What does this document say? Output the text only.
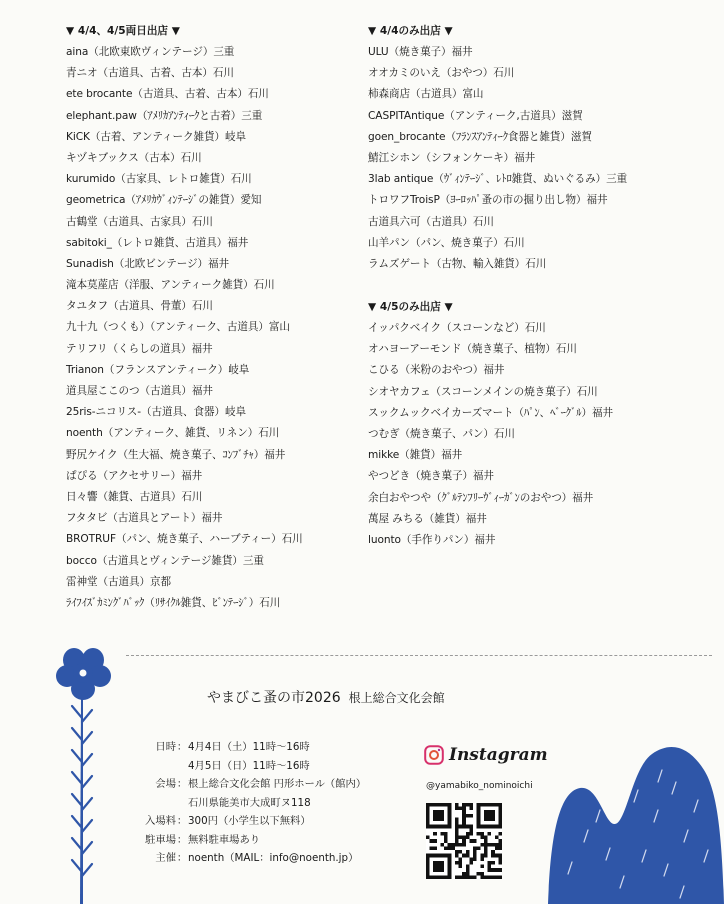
▼ 4/4、4/5両日出店 ▼
aina（北欧東欧ヴィンテージ）三重
青ニオ（古道具、古着、古本）石川
ete brocante（古道具、古着、古本）石川
elephant.paw（ｱﾒﾘｶｱﾝﾃｨｰｸと古着）三重
KiCK（古着、アンティーク雑貨）岐阜
キヅキブックス（古本）石川
kurumido（古家具、レトロ雑貨）石川
geometrica（ｱﾒﾘｶｳﾞｨﾝﾃｰｼﾞの雑貨）愛知
古鶴堂（古道具、古家具）石川
sabitoki_（レトロ雑貨、古道具）福井
Sunadish（北欧ビンテージ）福井
滝本莫蓙店（洋服、アンティーク雑貨）石川
タユタフ（古道具、骨董）石川
九十九（つくも）（アンティーク、古道具）富山
テリフリ（くらしの道具）福井
Trianon（フランスアンティーク）岐阜
道具屋ここのつ（古道具）福井
25ris-ニコリス-（古道具、食器）岐阜
noenth（アンティーク、雑貨、リネン）石川
野尻ケイク（生大福、焼き菓子、ｺﾝﾌﾞﾁｬ）福井
ぱぴる（アクセサリー）福井
日々響（雑貨、古道具）石川
フタタビ（古道具とアート）福井
BROTRUF（パン、焼き菓子、ハーブティー）石川
bocco（古道具とヴィンテージ雑貨）三重
雷神堂（古道具）京都
ﾗｲﾌｲｽﾞｶﾐﾝｸﾞﾊﾞｯｸ（ﾘｻｲｸﾙ雑貨、ﾋﾞﾝﾃｰｼﾞ）石川
▼ 4/4のみ出店 ▼
ULU（焼き菓子）福井
オオカミのいえ（おやつ）石川
柿森商店（古道具）富山
CASPITAntique（アンティーク,古道具）滋賀
goen_brocante（ﾌﾗﾝｽｱﾝﾃｨｰｸ食器と雑貨）滋賀
鯖江シホン（シフォンケーキ）福井
3lab antique（ｳﾞｨﾝﾃｰｼﾞ、ﾚﾄﾛ雑貨、ぬいぐるみ）三重
トロワフTroisP（ﾖｰﾛｯﾊﾟ蚤の市の掘り出し物）福井
古道具六可（古道具）石川
山羊パン（パン、焼き菓子）石川
ラムズゲート（古物、輸入雑貨）石川
▼ 4/5のみ出店 ▼
イッパクベイク（スコーンなど）石川
オハヨーアーモンド（焼き菓子、植物）石川
こひる（米粉のおやつ）福井
シオヤカフェ（スコーンメインの焼き菓子）石川
スックムックベイカーズマート（ﾊﾟﾝ、ﾍﾞｰｸﾞﾙ）福井
つむぎ（焼き菓子、パン）石川
mikke（雑貨）福井
やつどき（焼き菓子）福井
余白おやつや（ｸﾞﾙﾃﾝﾌﾘｰｳﾞｨｰｶﾞﾝのおやつ）福井
萬屋 みちる（雑貨）福井
luonto（手作りパン）福井
やまびこ蚤の市2026 根上総合文化会館
日時 ： 4月4日（土）11時～16時
4月5日（日）11時～16時
会場 ： 根上総合文化会館 円形ホール（館内）
石川県能美市大成町ヌ118
入場料 ： 300円（小学生以下無料）
駐車場 ： 無料駐車場あり
主催 ： noenth（MAIL：info@noenth.jp）
Instagram
@yamabiko_nominoichi
